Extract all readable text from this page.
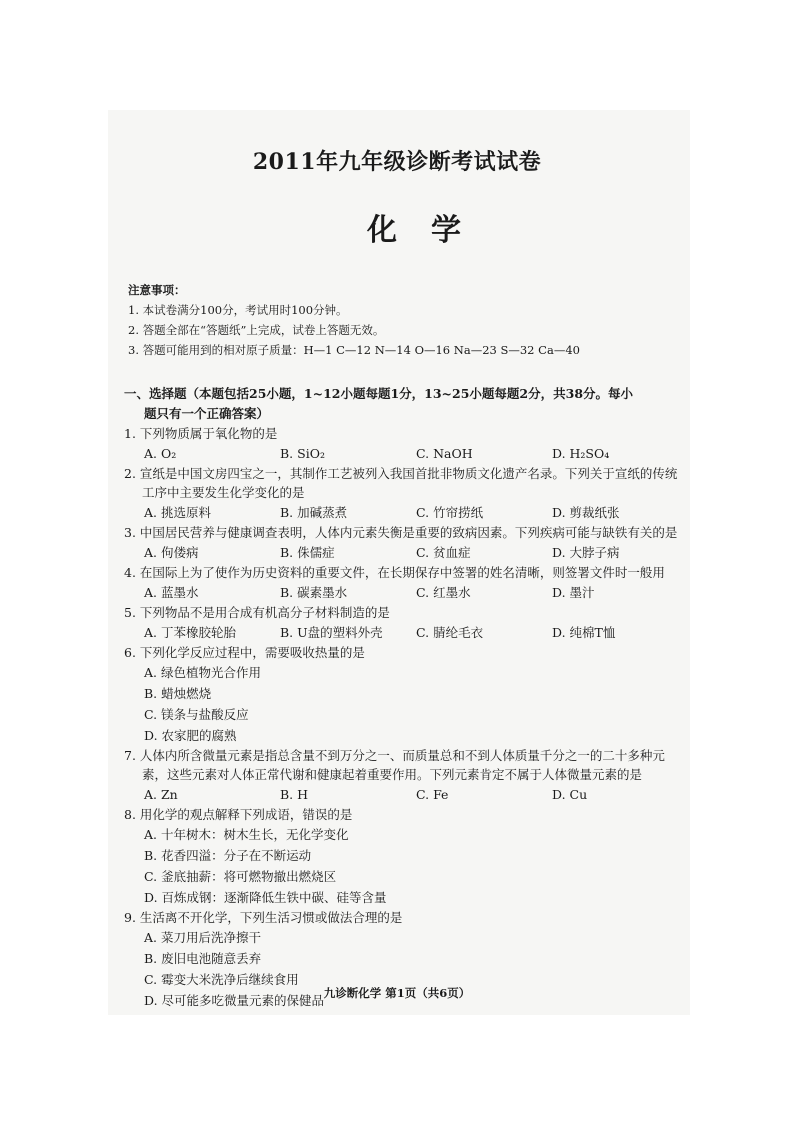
2011年九年级诊断考试试卷
化学
注意事项：
1. 本试卷满分100分，考试用时100分钟。
2. 答题全部在“答题纸”上完成，试卷上答题无效。
3. 答题可能用到的相对原子质量：H—1 C—12 N—14 O—16 Na—23 S—32 Ca—40
一、选择题（本题包括25小题，1~12小题每题1分，13~25小题每题2分，共38分。每小
题只有一个正确答案）
1. 下列物质属于氧化物的是
A. O₂	B. SiO₂	C. NaOH	D. H₂SO₄
2. 宣纸是中国文房四宝之一，其制作工艺被列入我国首批非物质文化遗产名录。下列关于宣纸的传统工序中主要发生化学变化的是
A. 挑选原料	B. 加碱蒸煮	C. 竹帘捞纸	D. 剪裁纸张
3. 中国居民营养与健康调查表明，人体内元素失衡是重要的致病因素。下列疾病可能与缺铁有关的是
A. 佝偻病	B. 侏儒症	C. 贫血症	D. 大脖子病
4. 在国际上为了使作为历史资料的重要文件，在长期保存中签署的姓名清晰，则签署文件时一般用
A. 蓝墨水	B. 碳素墨水	C. 红墨水	D. 墨汁
5. 下列物品不是用合成有机高分子材料制造的是
A. 丁苯橡胶轮胎	B. U盘的塑料外壳	C. 腈纶毛衣	D. 纯棉T恤
6. 下列化学反应过程中，需要吸收热量的是
A. 绿色植物光合作用
B. 蜡烛燃烧
C. 镁条与盐酸反应
D. 农家肥的腐熟
7. 人体内所含微量元素是指总含量不到万分之一、而质量总和不到人体质量千分之一的二十多种元素，这些元素对人体正常代谢和健康起着重要作用。下列元素肯定不属于人体微量元素的是
A. Zn	B. H	C. Fe	D. Cu
8. 用化学的观点解释下列成语，错误的是
A. 十年树木：树木生长，无化学变化
B. 花香四溢：分子在不断运动
C. 釜底抽薪：将可燃物撤出燃烧区
D. 百炼成钢：逐渐降低生铁中碳、硅等含量
9. 生活离不开化学，下列生活习惯或做法合理的是
A. 菜刀用后洗净擦干
B. 废旧电池随意丢弃
C. 霉变大米洗净后继续食用
D. 尽可能多吃微量元素的保健品 九诊断化学 第1页（共6页）
